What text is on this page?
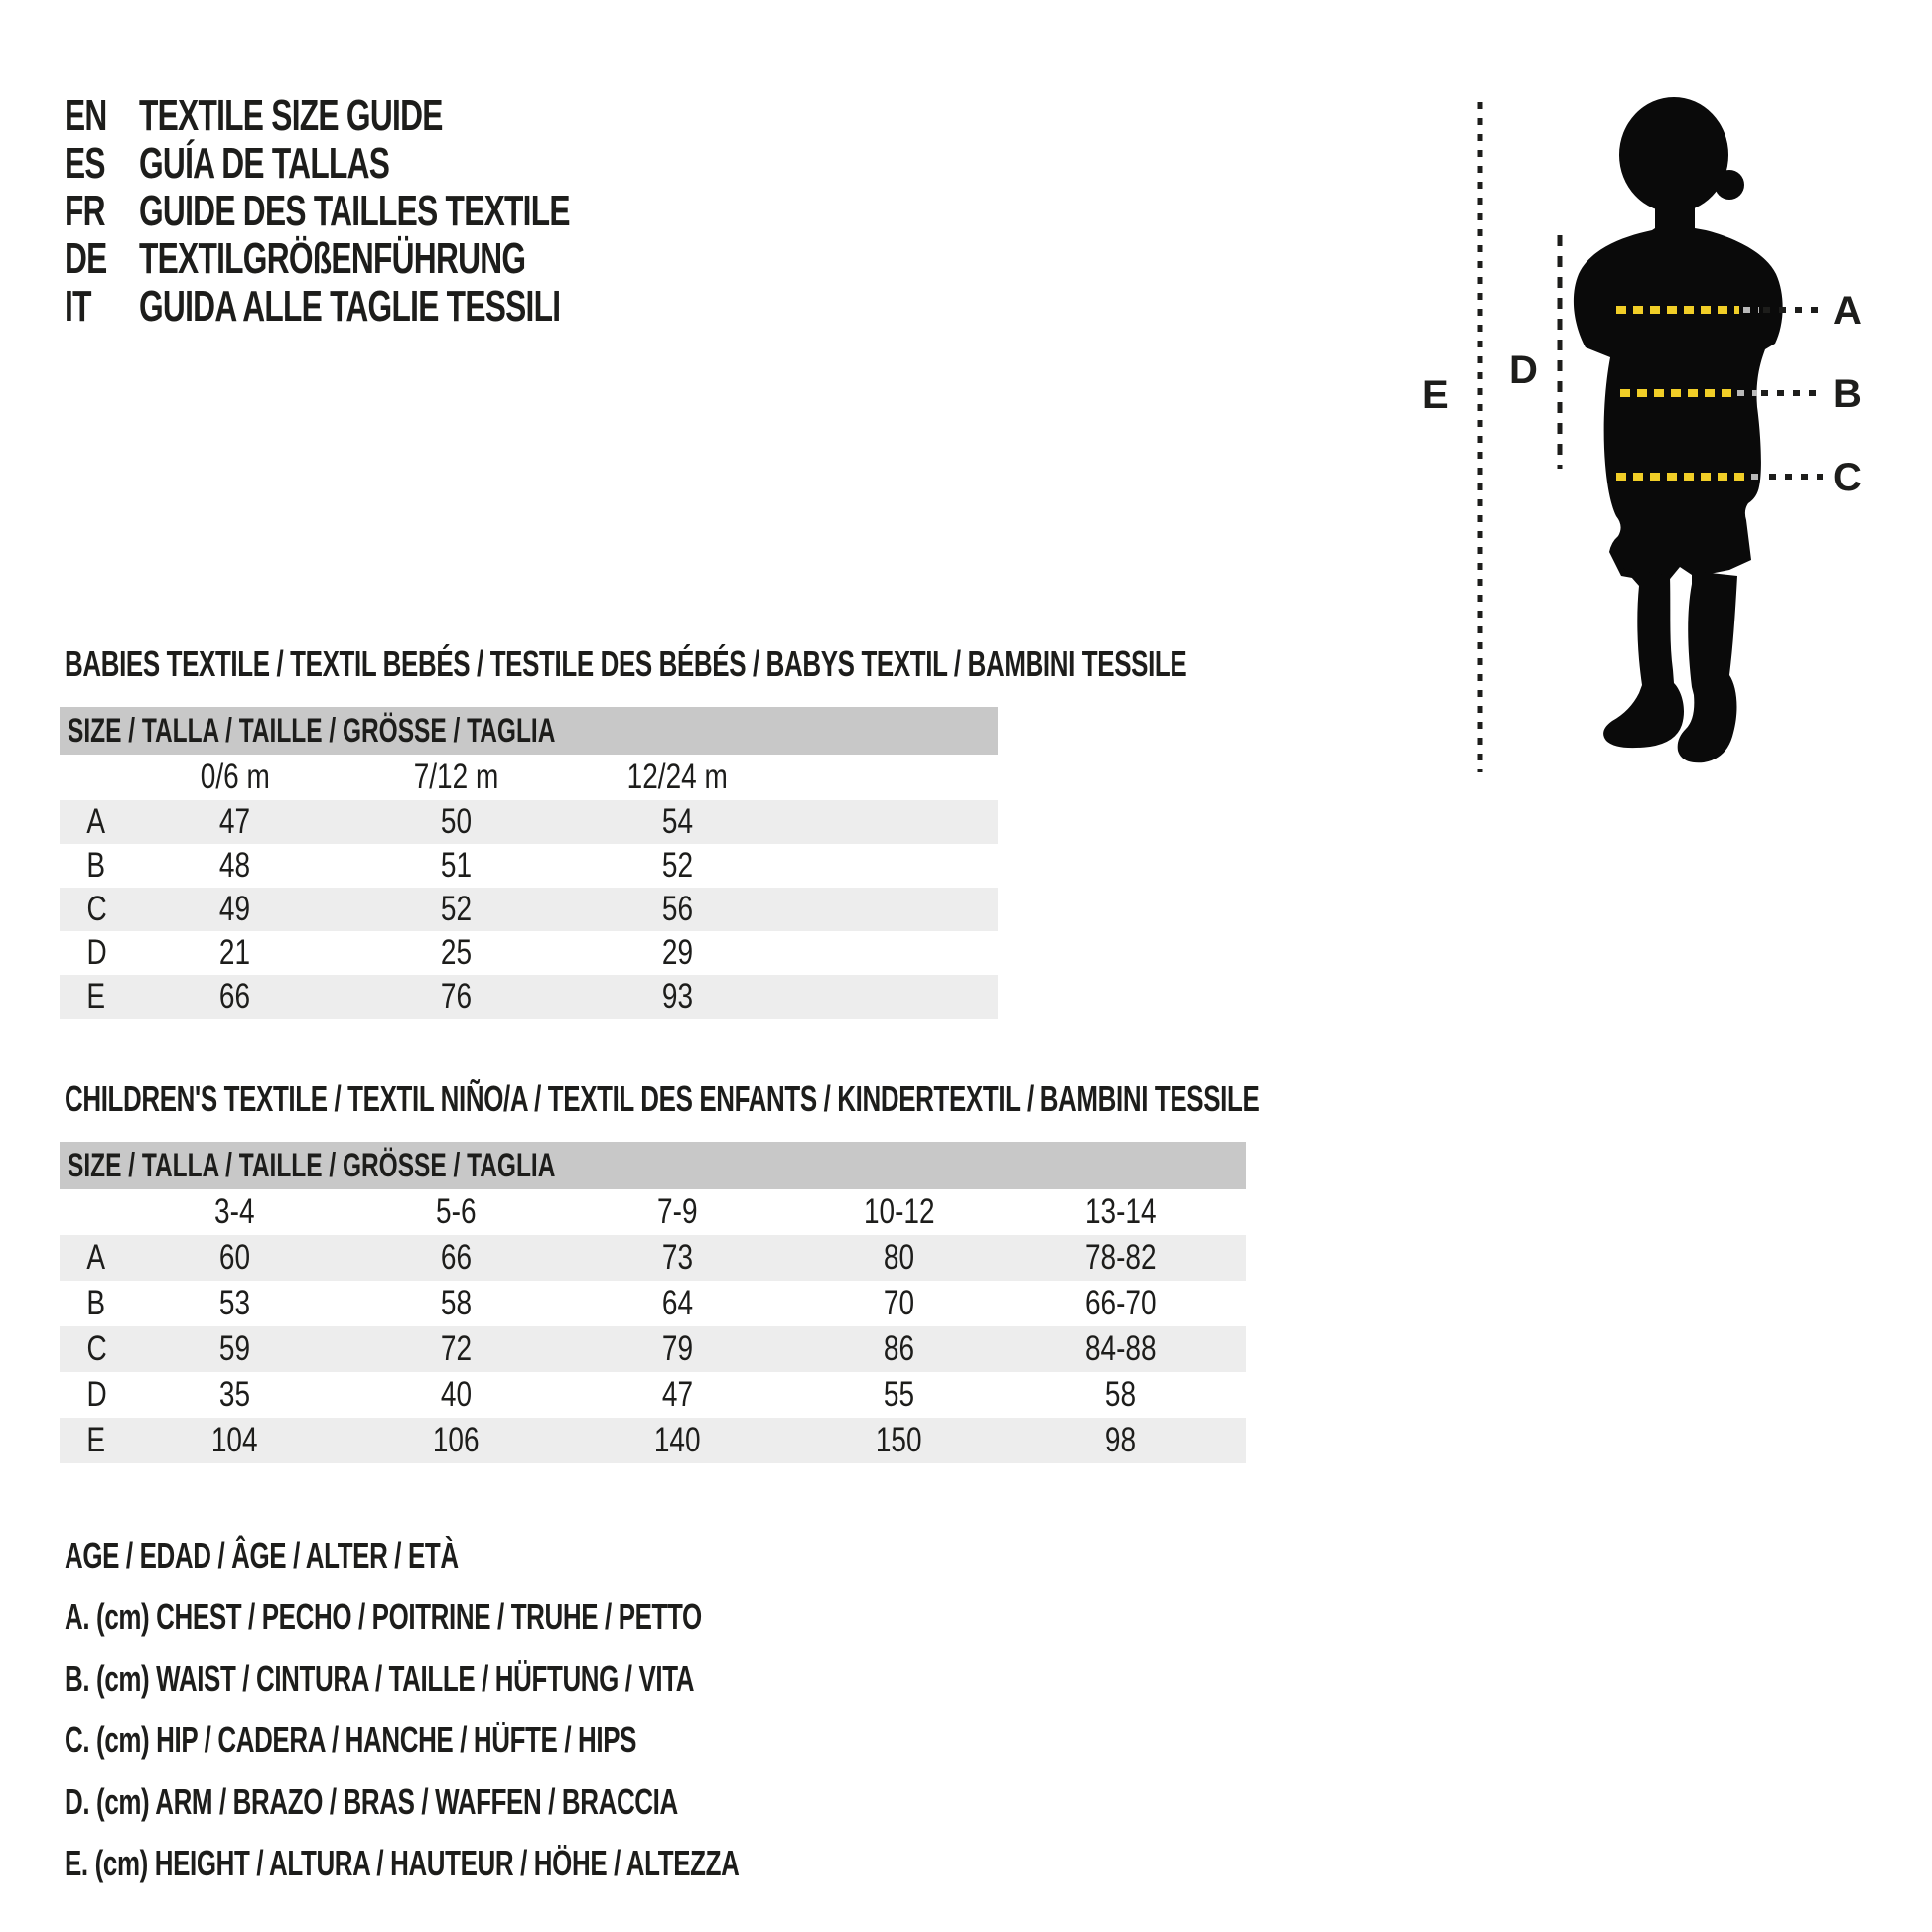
EN TEXTILE SIZE GUIDE
ES GUÍA DE TALLAS
FR GUIDE DES TAILLES TEXTILE
DE TEXTILGRÖßENFÜHRUNG
IT	GUIDA ALLE TAGLIE TESSILI
BABIES TEXTILE / TEXTIL BEBÉS / TESTILE DES BÉBÉS / BABYS TEXTIL / BAMBINI TESSILE
SIZE / TALLA / TAILLE / GRÖSSE / TAGLIA
0/6 m	7/12 m	12/24 m
A	47	50	54
B	48	51	52
C	49	52	56
D	21	25	29
E	66	76	93
CHILDREN'S TEXTILE / TEXTIL NIÑO/A / TEXTIL DES ENFANTS / KINDERTEXTIL / BAMBINI TESSILE
SIZE / TALLA / TAILLE / GRÖSSE / TAGLIA
3-4	5-6	7-9	10-12	13-14
A	60	66	73	80	78-82
B	53	58	64	70	66-70
C	59	72	79	86	84-88
D	35	40	47	55	58
E	104	106	140	150	98
AGE / EDAD / ÂGE / ALTER / ETÀ
A. (cm) CHEST / PECHO / POITRINE / TRUHE / PETTO
B. (cm) WAIST / CINTURA / TAILLE / HÜFTUNG / VITA
C. (cm) HIP / CADERA / HANCHE / HÜFTE / HIPS
D. (cm) ARM / BRAZO / BRAS / WAFFEN / BRACCIA
E. (cm) HEIGHT / ALTURA / HAUTEUR / HÖHE / ALTEZZA
A
B
C
D
E
